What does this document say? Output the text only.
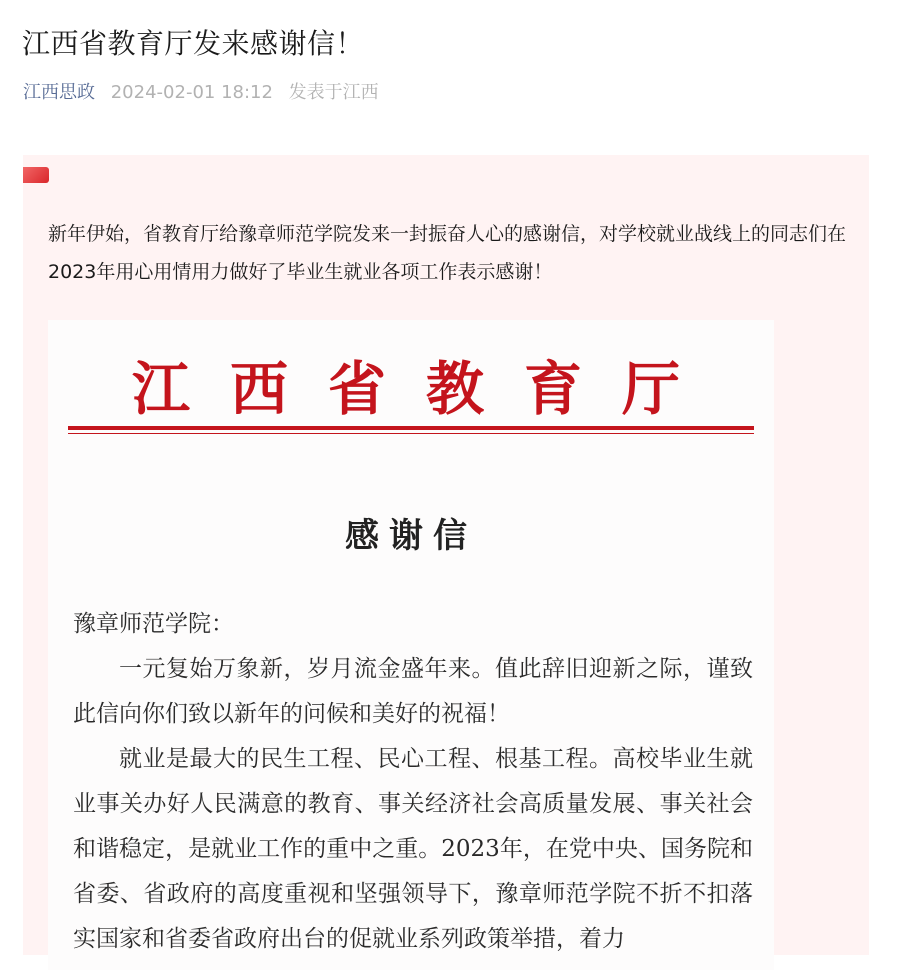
江西省教育厅发来感谢信！
江西思政 2024-02-01 18:12 发表于江西

新年伊始，省教育厅给豫章师范学院发来一封振奋人心的感谢信，对学校就业战线上的同志们在2023年用心用情用力做好了毕业生就业各项工作表示感谢！

江西省教育厅
感谢信

豫章师范学院：

一元复始万象新，岁月流金盛年来。值此辞旧迎新之际，谨致此信向你们致以新年的问候和美好的祝福！

就业是最大的民生工程、民心工程、根基工程。高校毕业生就业事关办好人民满意的教育、事关经济社会高质量发展、事关社会和谐稳定，是就业工作的重中之重。2023年，在党中央、国务院和省委、省政府的高度重视和坚强领导下，豫章师范学院不折不扣落实国家和省委省政府出台的促就业系列政策举措，着力
